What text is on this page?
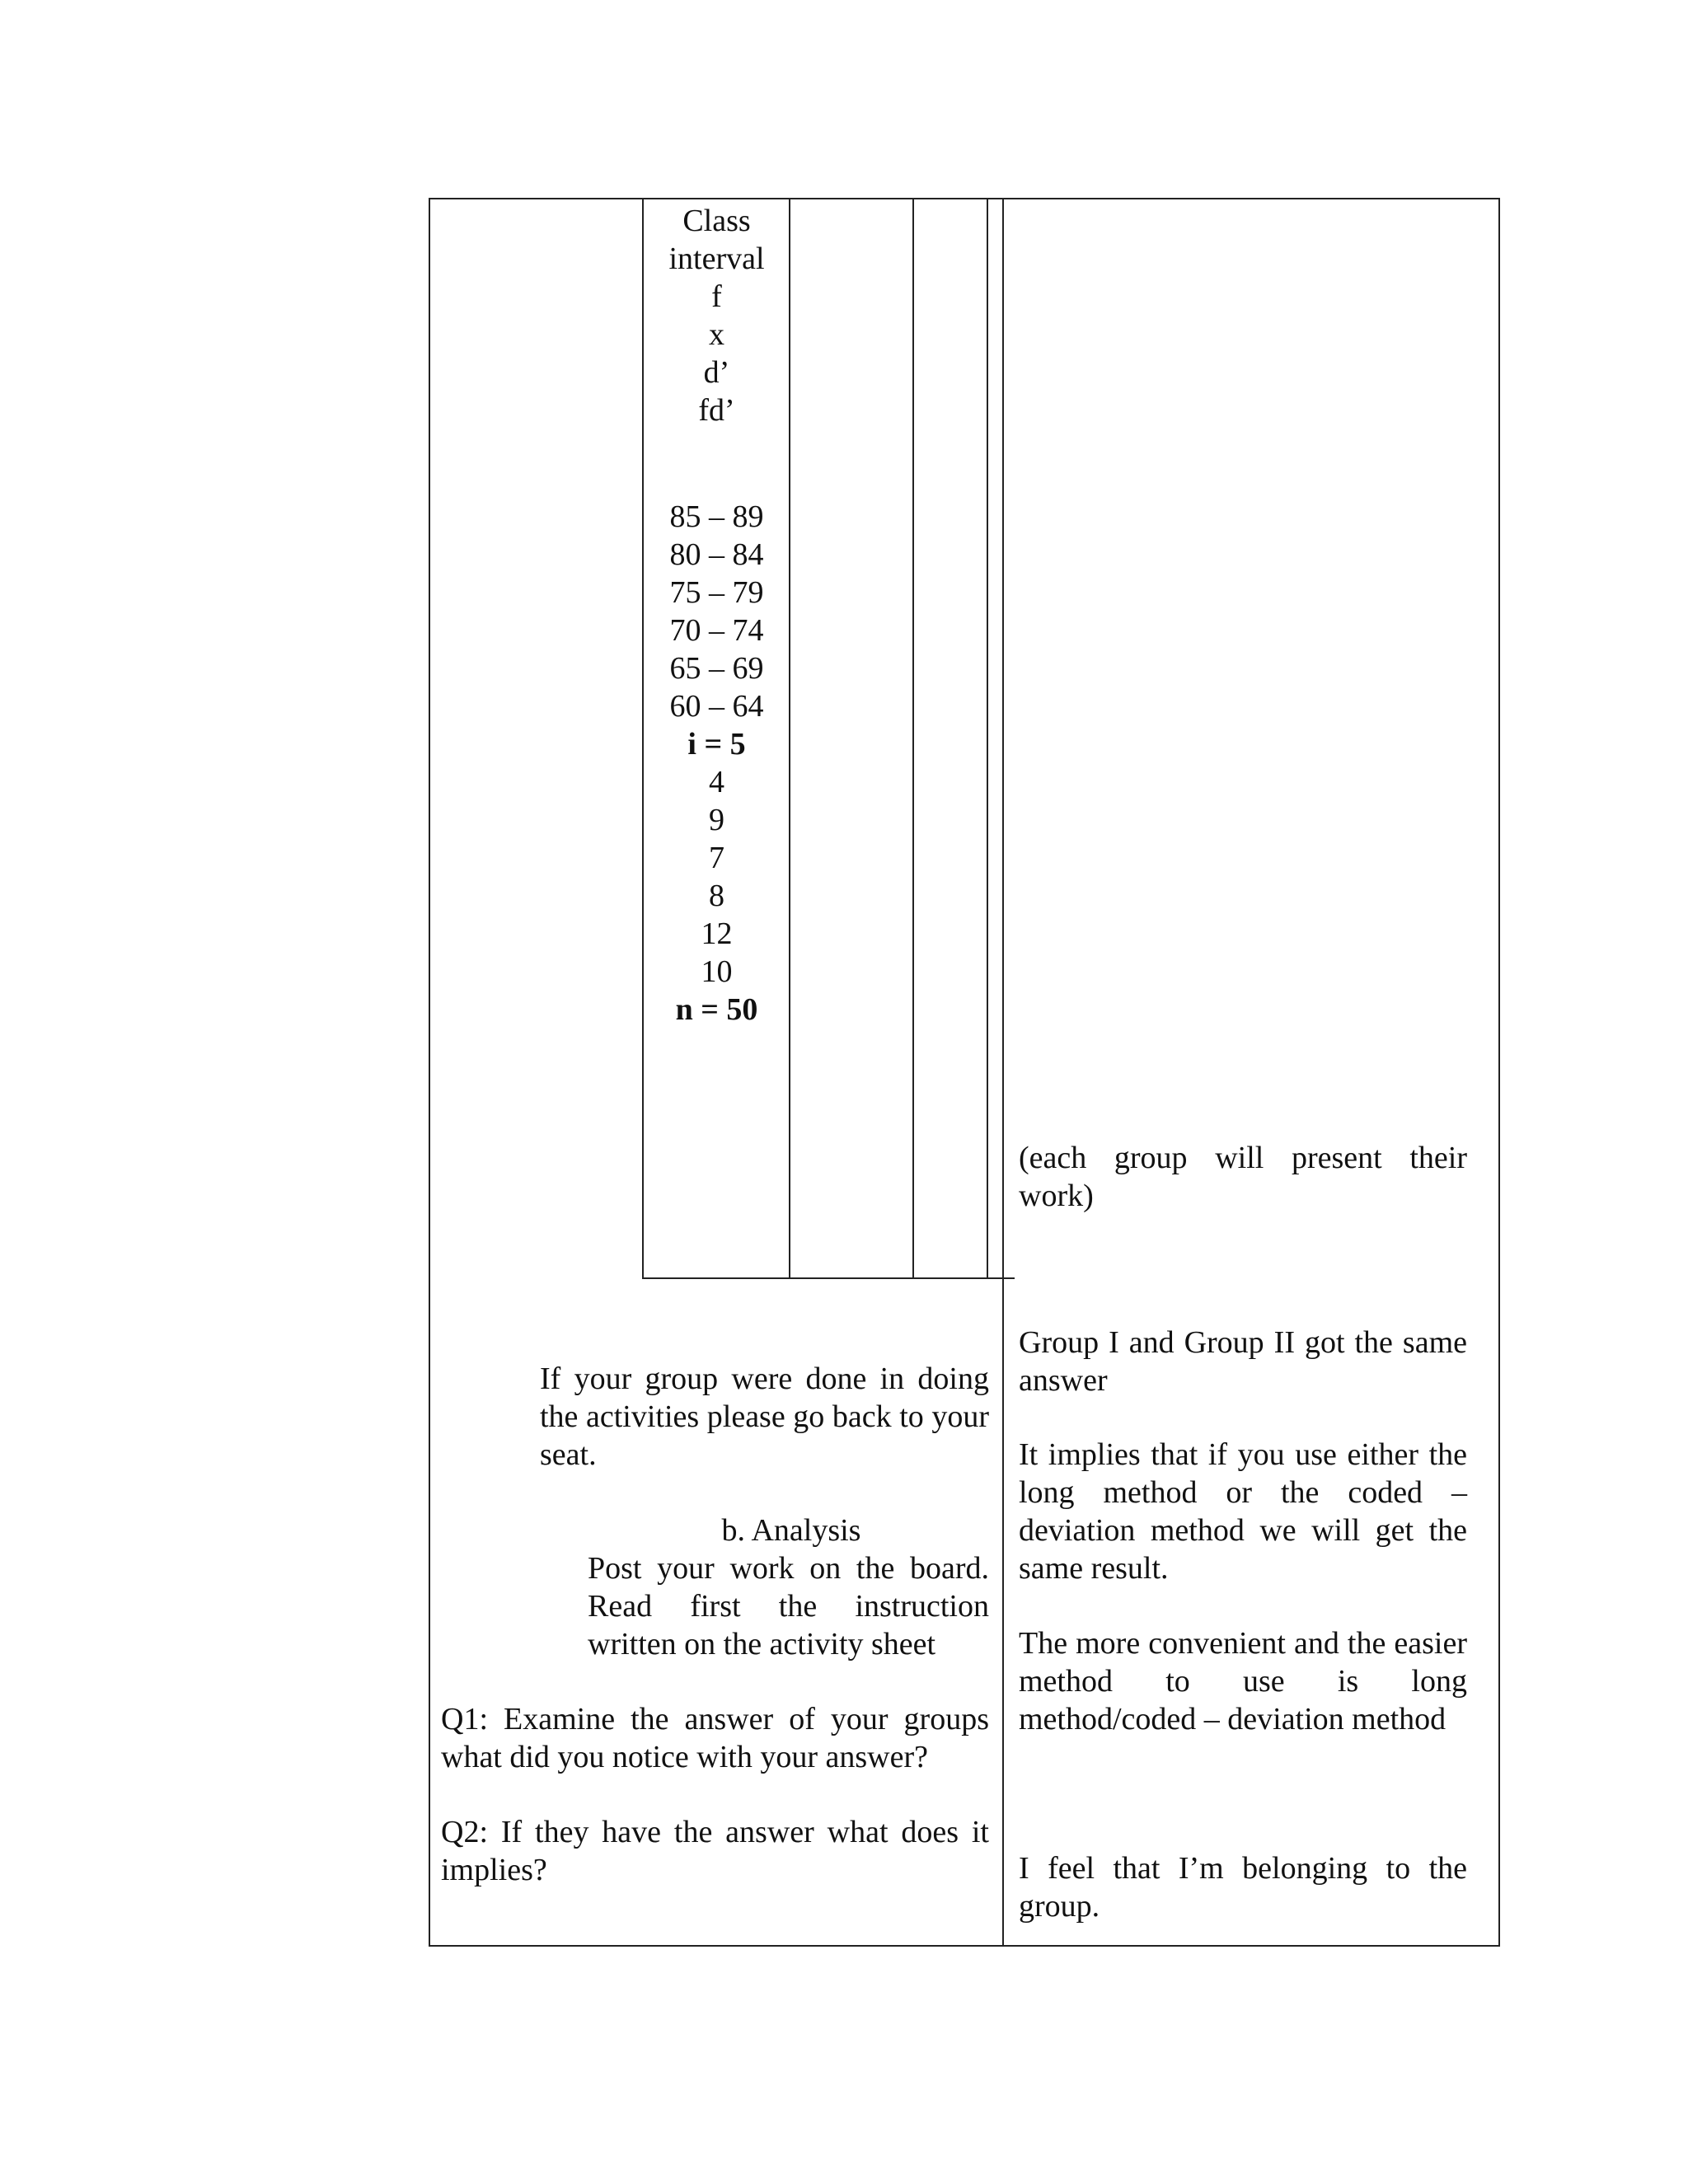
Class
interval
f
x
d’
fd’
85 – 89
80 – 84
75 – 79
70 – 74
65 – 69
60 – 64
i = 5
4
9
7
8
12
10
n = 50
If your group were done in doing the activities please go back to your seat.
b. Analysis
Post your work on the board. Read first the instruction written on the activity sheet
Q1: Examine the answer of your groups what did you notice with your answer?
Q2: If they have the answer what does it implies?
(each group will present their work)
Group I and Group II got the same answer
It implies that if you use either the long method or the coded – deviation method we will get the same result.
The more convenient and the easier method to use is long method/coded – deviation method
I feel that I’m belonging to the group.
